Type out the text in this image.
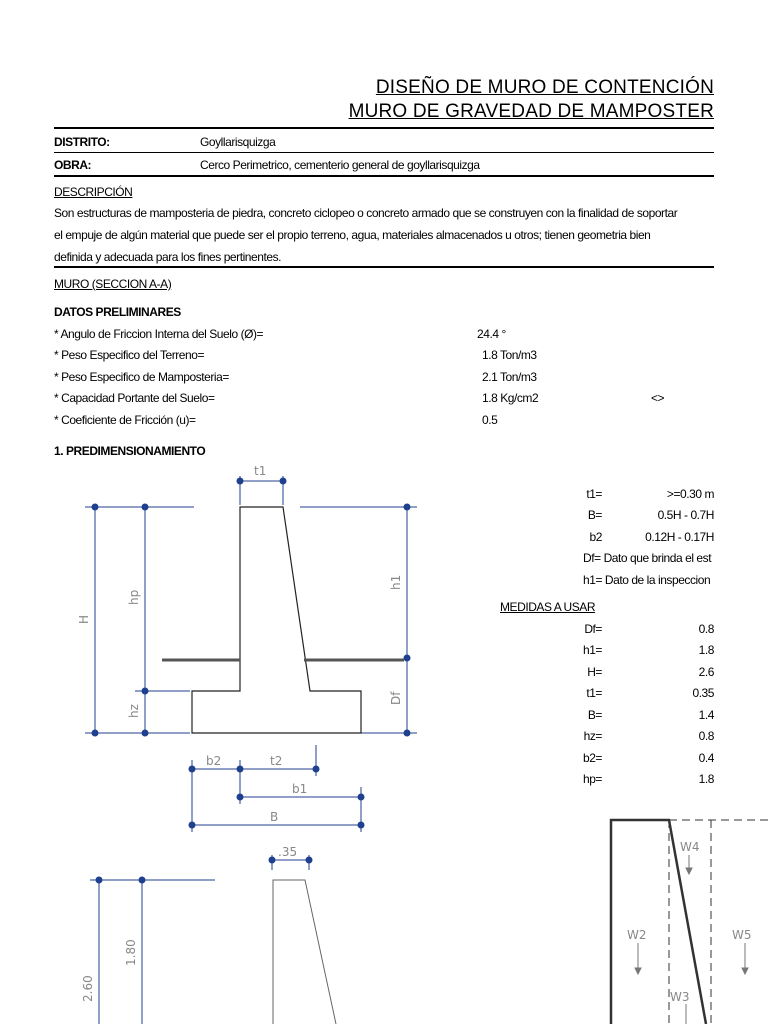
DISEÑO DE MURO DE CONTENCIÓN
MURO DE GRAVEDAD DE MAMPOSTER
DISTRITO:	Goyllarisquizga
OBRA:	Cerco Perimetrico, cementerio general de goyllarisquizga
DESCRIPCIÓN
Son estructuras de mamposteria de piedra, concreto ciclopeo o concreto armado que se construyen con la finalidad de soportar
el empuje de algún material que puede ser el propio terreno, agua, materiales almacenados u otros; tienen geometria bien
definida y adecuada para los fines pertinentes.
MURO (SECCION A-A)
DATOS PRELIMINARES
* Angulo de Friccion Interna del Suelo (Ø)=	24.4 °
* Peso Especifico del Terreno=	1.8 Ton/m3
* Peso Especifico de Mamposteria=	2.1 Ton/m3
* Capacidad Portante del Suelo=	1.8 Kg/cm2	<>
* Coeficiente de Fricción (u)=	0.5
1. PREDIMENSIONAMIENTO
t1=	>=0.30 m
B=	0.5H - 0.7H
b2	0.12H - 0.17H
Df= Dato que brinda el est
h1= Dato de la inspeccion
MEDIDAS A USAR
Df=	0.8
h1=	1.8
H=	2.6
t1=	0.35
B=	1.4
hz=	0.8
b2=	0.4
hp=	1.8
t1
H
hp
hz
h1
Df
b2	t2
b1
B
.35
2.60
1.80
W4
W2	W5
W3
